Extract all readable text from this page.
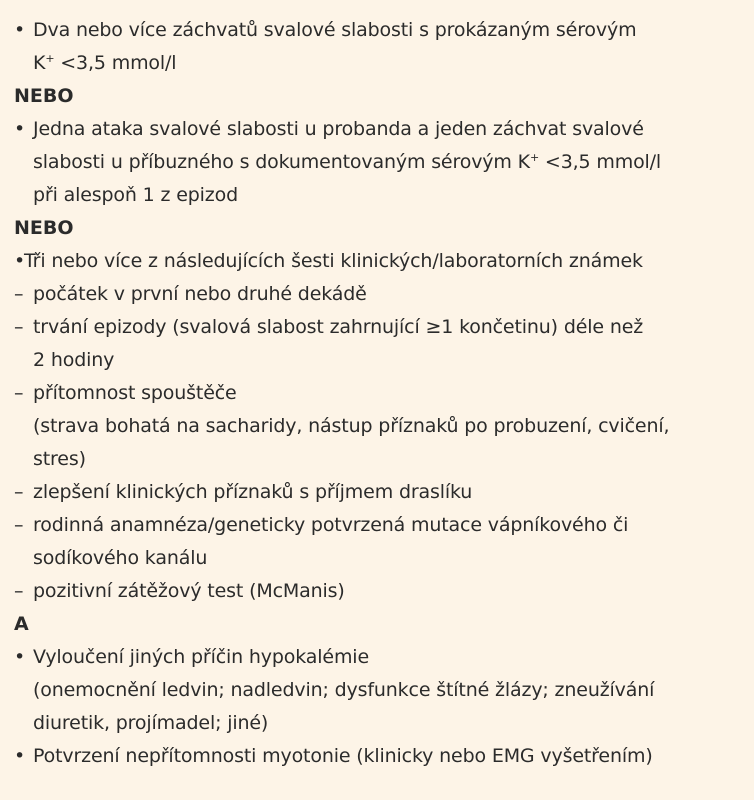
• Dva nebo více záchvatů svalové slabosti s prokázaným sérovým
K+ <3,5 mmol/l
NEBO
• Jedna ataka svalové slabosti u probanda a jeden záchvat svalové
slabosti u příbuzného s dokumentovaným sérovým K+ <3,5 mmol/l
při alespoň 1 z epizod
NEBO
•Tři nebo více z následujících šesti klinických/laboratorních známek
– počátek v první nebo druhé dekádě
– trvání epizody (svalová slabost zahrnující ≥1 končetinu) déle než
2 hodiny
– přítomnost spouštěče
(strava bohatá na sacharidy, nástup příznaků po probuzení, cvičení,
stres)
– zlepšení klinických příznaků s příjmem draslíku
– rodinná anamnéza/geneticky potvrzená mutace vápníkového či
sodíkového kanálu
– pozitivní zátěžový test (McManis)
A
• Vyloučení jiných příčin hypokalémie
(onemocnění ledvin; nadledvin; dysfunkce štítné žlázy; zneužívání
diuretik, projímadel; jiné)
• Potvrzení nepřítomnosti myotonie (klinicky nebo EMG vyšetřením)
